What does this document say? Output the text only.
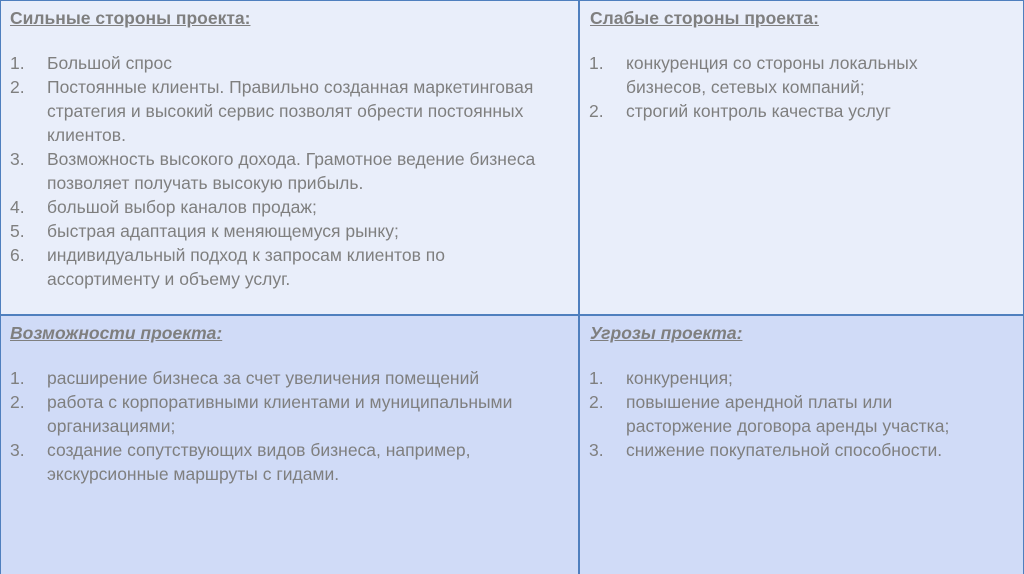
Сильные стороны проекта:
1.	Большой спрос
2.	Постоянные клиенты. Правильно созданная маркетинговая стратегия и высокий сервис позволят обрести постоянных клиентов.
3.	Возможность высокого дохода. Грамотное ведение бизнеса позволяет получать высокую прибыль.
4.	большой выбор каналов продаж;
5.	быстрая адаптация к меняющемуся рынку;
6.	индивидуальный подход к запросам клиентов по ассортименту и объему услуг.
Слабые стороны проекта:
1.	конкуренция со стороны локальных бизнесов, сетевых компаний;
2.	строгий контроль качества услуг
Возможности проекта:
1.	расширение бизнеса за счет увеличения помещений
2.	работа с корпоративными клиентами и муниципальными организациями;
3.	создание сопутствующих видов бизнеса, например, экскурсионные маршруты с гидами.
Угрозы проекта:
1.	конкуренция;
2.	повышение арендной платы или расторжение договора аренды участка;
3.	снижение покупательной способности.
